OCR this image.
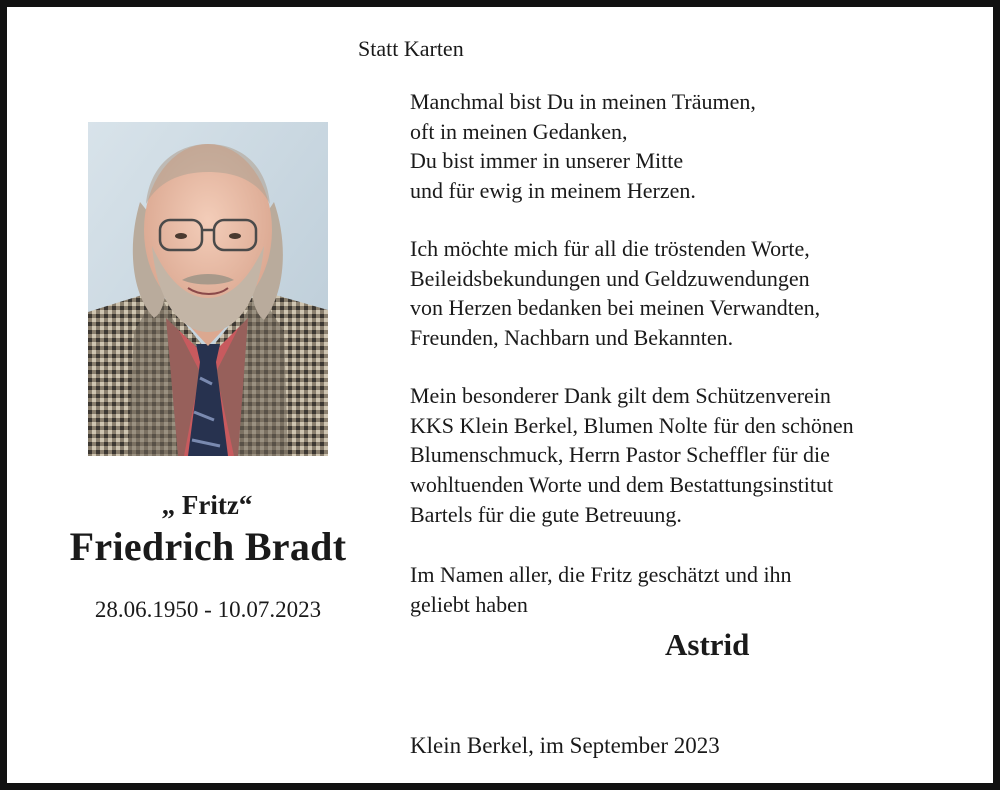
Statt Karten
„ Fritz“
Friedrich Bradt
28.06.1950 - 10.07.2023
Manchmal bist Du in meinen Träumen,
oft in meinen Gedanken,
Du bist immer in unserer Mitte
und für ewig in meinem Herzen.
Ich möchte mich für all die tröstenden Worte,
Beileidsbekundungen und Geldzuwendungen
von Herzen bedanken bei meinen Verwandten,
Freunden, Nachbarn und Bekannten.
Mein besonderer Dank gilt dem Schützenverein
KKS Klein Berkel, Blumen Nolte für den schönen
Blumenschmuck, Herrn Pastor Scheffler für die
wohltuenden Worte und dem Bestattungsinstitut
Bartels für die gute Betreuung.
Im Namen aller, die Fritz geschätzt und ihn
geliebt haben
Astrid
Klein Berkel, im September 2023
